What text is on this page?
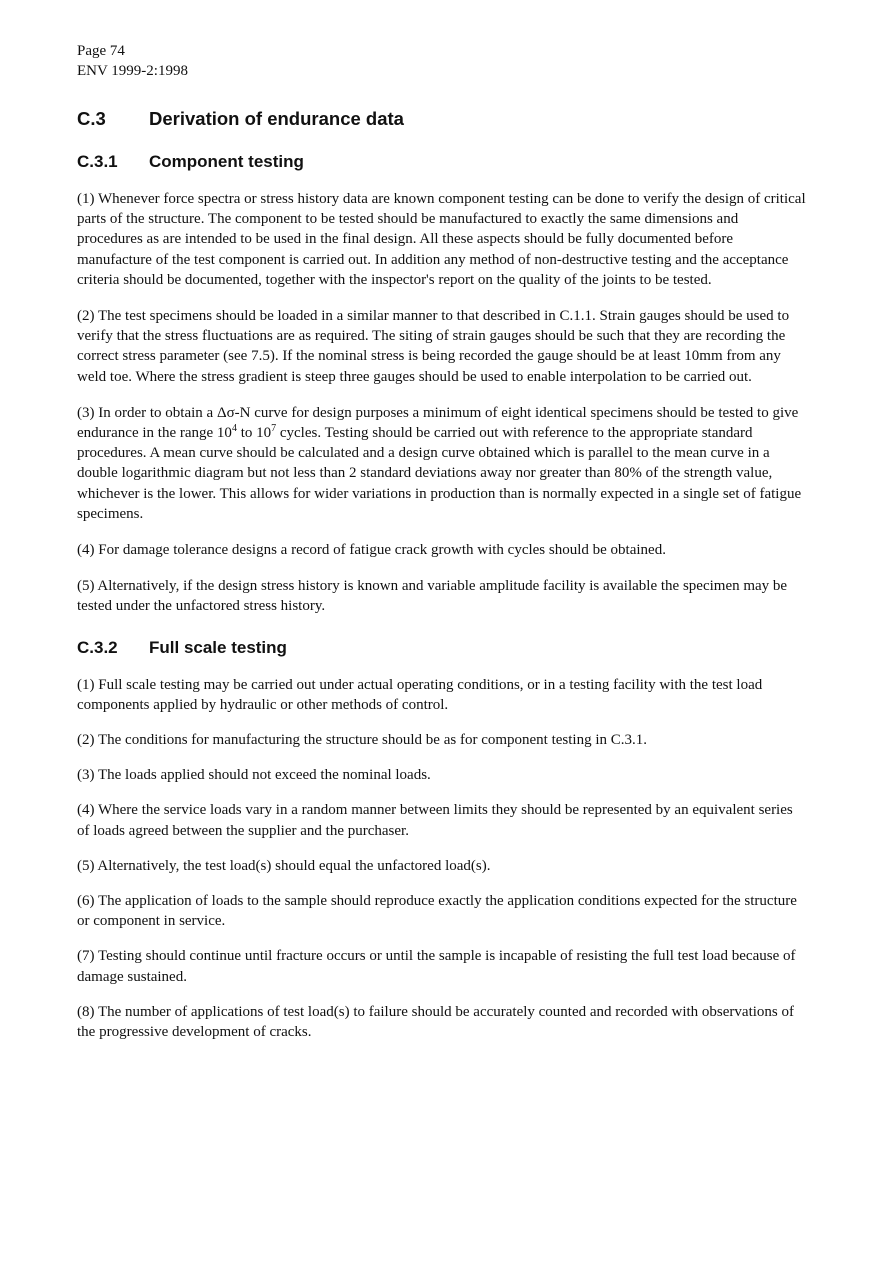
Page 74

ENV 1999-2:1998

C.3	Derivation of endurance data
C.3.1	Component testing

(1) Whenever force spectra or stress history data are known component testing can be done to verify the design of critical parts of the structure. The component to be tested should be manufactured to exactly the same dimensions and procedures as are intended to be used in the final design. All these aspects should be fully documented before manufacture of the test component is carried out. In addition any method of non-destructive testing and the acceptance criteria should be documented, together with the inspector's report on the quality of the joints to be tested.

(2) The test specimens should be loaded in a similar manner to that described in C.1.1. Strain gauges should be used to verify that the stress fluctuations are as required. The siting of strain gauges should be such that they are recording the correct stress parameter (see 7.5). If the nominal stress is being recorded the gauge should be at least 10mm from any weld toe. Where the stress gradient is steep three gauges should be used to enable interpolation to be carried out.

(3) In order to obtain a Δσ-N curve for design purposes a minimum of eight identical specimens should be tested to give endurance in the range $10^4$ to $10^7$ cycles. Testing should be carried out with reference to the appropriate standard procedures. A mean curve should be calculated and a design curve obtained which is parallel to the mean curve in a double logarithmic diagram but not less than 2 standard deviations away nor greater than 80% of the strength value, whichever is the lower. This allows for wider variations in production than is normally expected in a single set of fatigue specimens.

(4) For damage tolerance designs a record of fatigue crack growth with cycles should be obtained.

(5) Alternatively, if the design stress history is known and variable amplitude facility is available the specimen may be tested under the unfactored stress history.

C.3.2	Full scale testing

(1) Full scale testing may be carried out under actual operating conditions, or in a testing facility with the test load components applied by hydraulic or other methods of control.

(2) The conditions for manufacturing the structure should be as for component testing in C.3.1.

(3) The loads applied should not exceed the nominal loads.

(4) Where the service loads vary in a random manner between limits they should be represented by an equivalent series of loads agreed between the supplier and the purchaser.

(5) Alternatively, the test load(s) should equal the unfactored load(s).

(6) The application of loads to the sample should reproduce exactly the application conditions expected for the structure or component in service.

(7) Testing should continue until fracture occurs or until the sample is incapable of resisting the full test load because of damage sustained.

(8) The number of applications of test load(s) to failure should be accurately counted and recorded with observations of the progressive development of cracks.
